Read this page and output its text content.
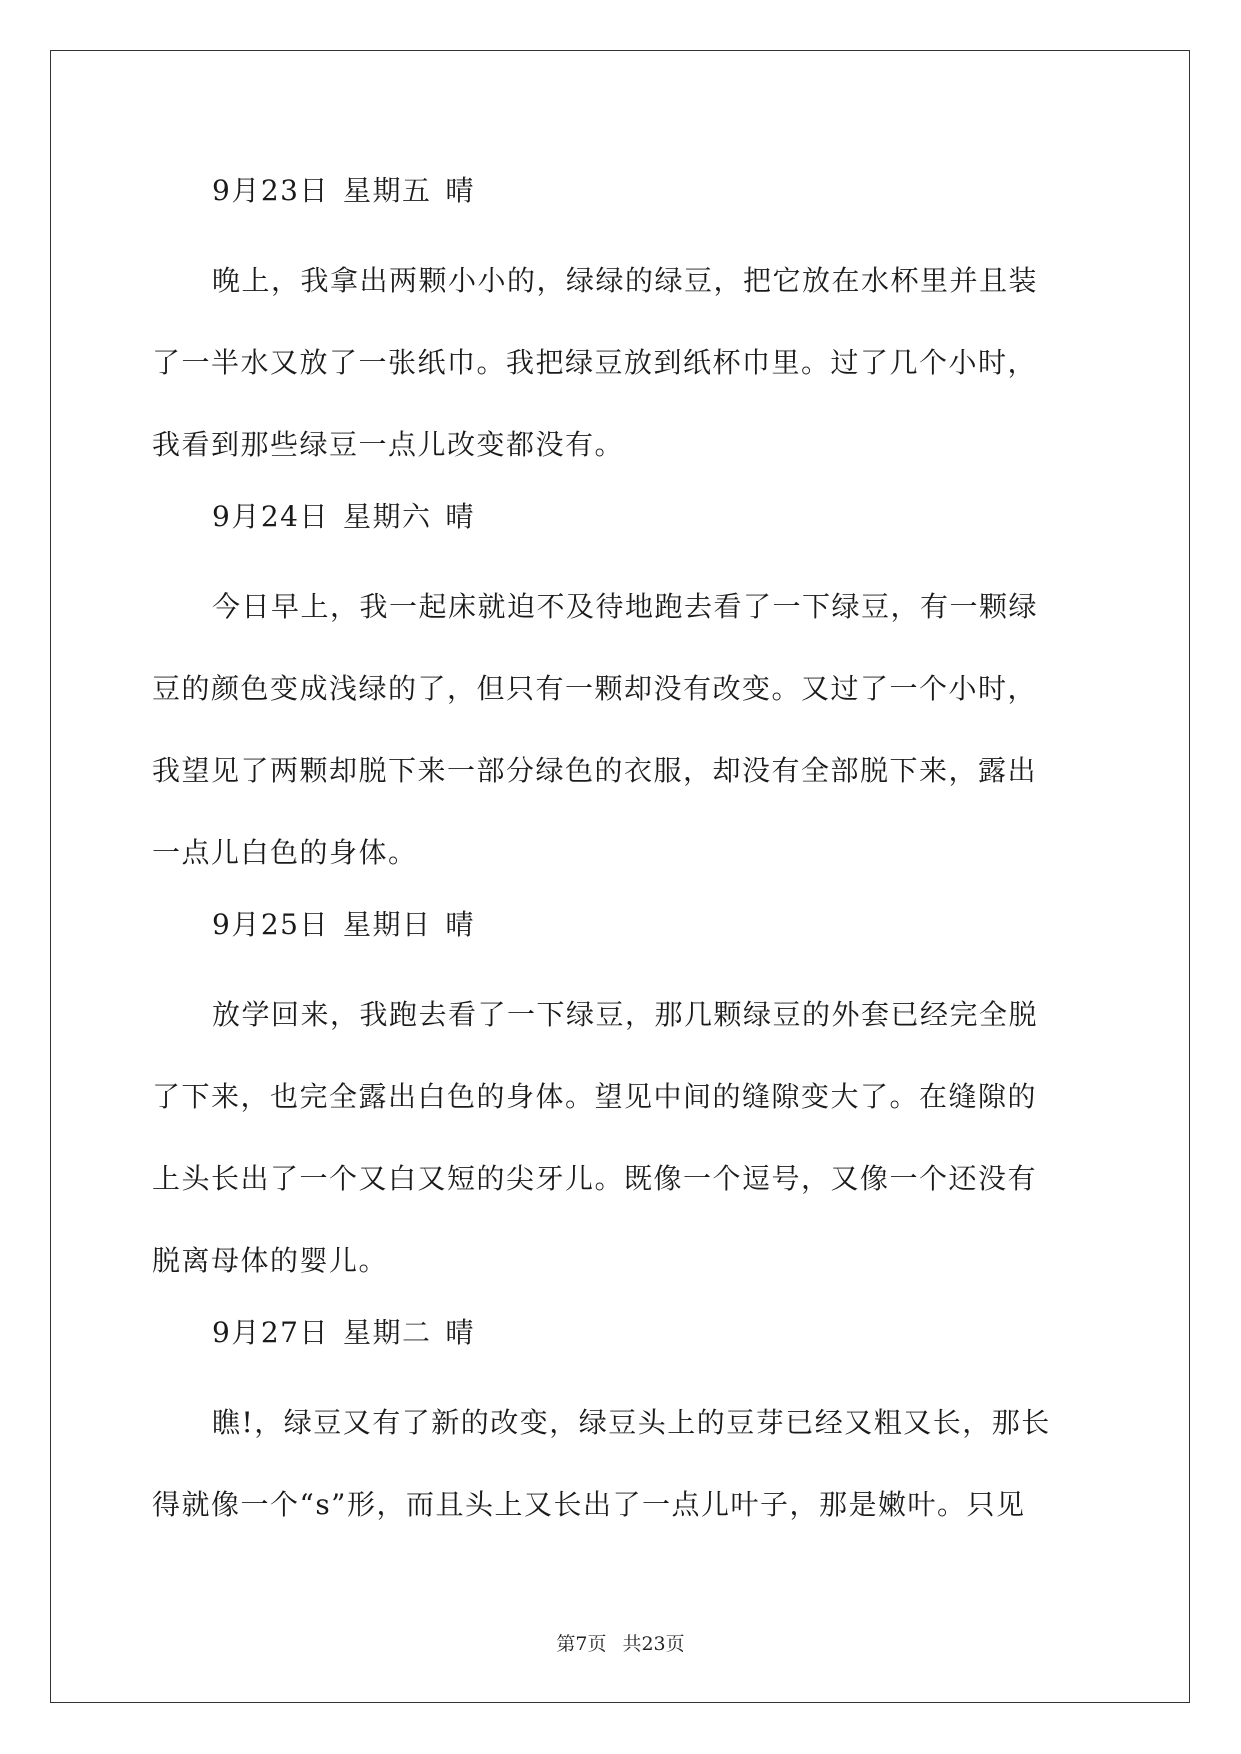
9月23日 星期五 晴
晚上，我拿出两颗小小的，绿绿的绿豆，把它放在水杯里并且装
了一半水又放了一张纸巾。我把绿豆放到纸杯巾里。过了几个小时，
我看到那些绿豆一点儿改变都没有。
9月24日 星期六 晴
今日早上，我一起床就迫不及待地跑去看了一下绿豆，有一颗绿
豆的颜色变成浅绿的了，但只有一颗却没有改变。又过了一个小时，
我望见了两颗却脱下来一部分绿色的衣服，却没有全部脱下来，露出
一点儿白色的身体。
9月25日 星期日 晴
放学回来，我跑去看了一下绿豆，那几颗绿豆的外套已经完全脱
了下来，也完全露出白色的身体。望见中间的缝隙变大了。在缝隙的
上头长出了一个又白又短的尖牙儿。既像一个逗号，又像一个还没有
脱离母体的婴儿。
9月27日 星期二 晴
瞧!，绿豆又有了新的改变，绿豆头上的豆芽已经又粗又长，那长
得就像一个“s”形，而且头上又长出了一点儿叶子，那是嫩叶。只见
第7页 共23页
